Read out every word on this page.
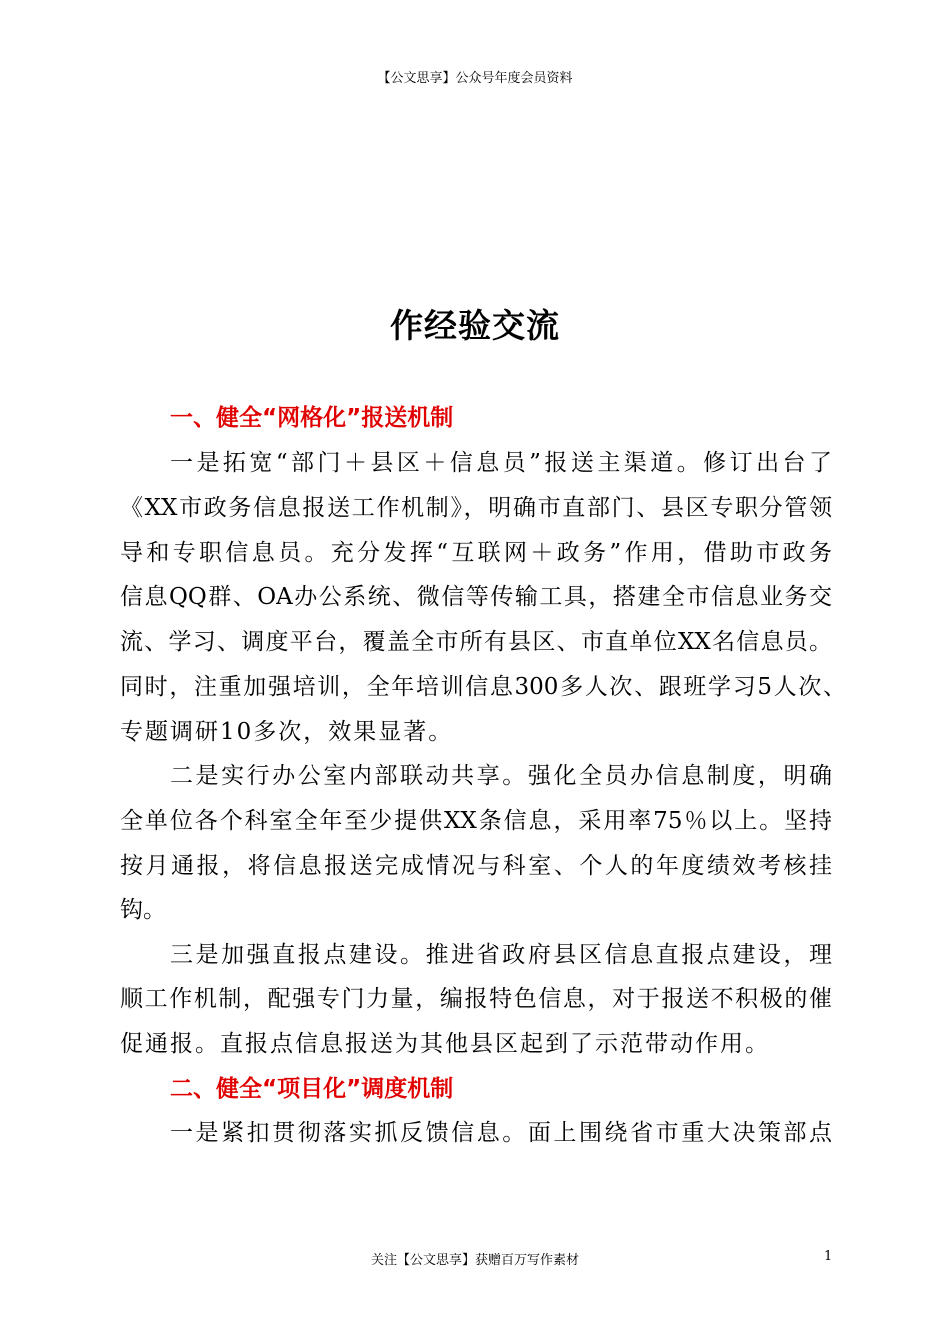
【公文思享】公众号年度会员资料
作经验交流
一、健全“网格化”报送机制
一是拓宽“部门＋县区＋信息员”报送主渠道。修订出台了
《XX市政务信息报送工作机制》，明确市直部门、县区专职分管领
导和专职信息员。充分发挥“互联网＋政务”作用，借助市政务
信息QQ群、OA办公系统、微信等传输工具，搭建全市信息业务交
流、学习、调度平台，覆盖全市所有县区、市直单位XX名信息员。
同时，注重加强培训，全年培训信息300多人次、跟班学习5人次、
专题调研10多次，效果显著。
二是实行办公室内部联动共享。强化全员办信息制度，明确
全单位各个科室全年至少提供XX条信息，采用率75％以上。坚持
按月通报，将信息报送完成情况与科室、个人的年度绩效考核挂
钩。
三是加强直报点建设。推进省政府县区信息直报点建设，理
顺工作机制，配强专门力量，编报特色信息，对于报送不积极的催
促通报。直报点信息报送为其他县区起到了示范带动作用。
二、健全“项目化”调度机制
一是紧扣贯彻落实抓反馈信息。面上围绕省市重大决策部点
关注【公文思享】获赠百万写作素材	1
